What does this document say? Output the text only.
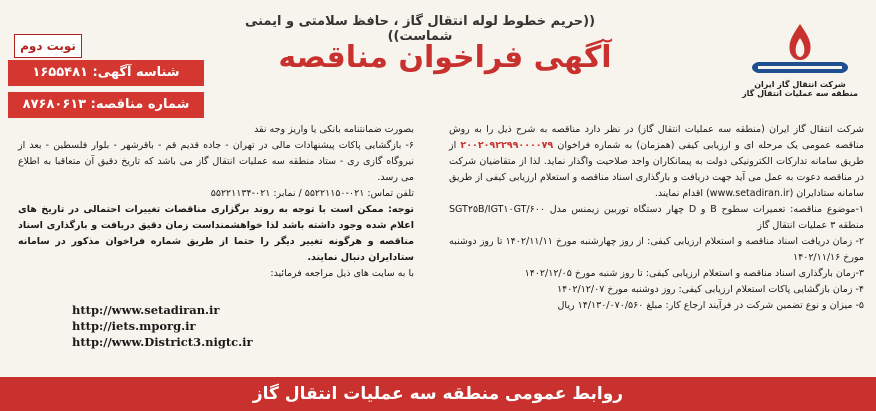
((حریم خطوط لوله انتقال گاز ، حافظ سلامتی و ایمنی شماست))
آگهی فراخوان مناقصه
نوبت دوم
شناسه آگهی: ۱۶۵۵۴۸۱
شماره مناقصه: ۸۷۶۸۰۶۱۳
شرکت انتقال گاز ایران
منطقه سه عملیات انتقال گاز

شرکت انتقال گاز ایران (منطقه سه عملیات انتقال گاز) در نظر دارد مناقصه به شرح ذیل را به روش مناقصه عمومی یک مرحله ای و ارزیابی کیفی (همزمان) به شماره فراخوان ۲۰۰۲۰۹۲۲۹۹۰۰۰۰۷۹ از طریق سامانه تدارکات الکترونیکی دولت به پیمانکاران واجد صلاحیت واگذار نماید. لذا از متقاضیان شرکت در مناقصه دعوت به عمل می آید جهت دریافت و بارگذاری اسناد مناقصه و استعلام ارزیابی کیفی از طریق سامانه ستادایران (www.setadiran.ir) اقدام نمایند.

۱-موضوع مناقصه: تعمیرات سطوح B و D چهار دستگاه توربین زیمنس مدل ۶۰۰/SGT۲۵B/IGT۱۰GT منطقه ۳ عملیات انتقال گاز

۲- زمان دریافت اسناد مناقصه و استعلام ارزیابی کیفی: از روز چهارشنبه مورخ ۱۴۰۲/۱۱/۱۱ تا روز دوشنبه مورخ ۱۴۰۲/۱۱/۱۶

۳-زمان بارگذاری اسناد مناقصه و استعلام ارزیابی کیفی: تا روز شنبه مورخ ۱۴۰۲/۱۲/۰۵

۴- زمان بازگشایی پاکات استعلام ارزیابی کیفی: روز دوشنبه مورخ ۱۴۰۲/۱۲/۰۷

۵- میزان و نوع تضمین شرکت در فرآیند ارجاع کار: مبلغ ۱۴/۱۳۰/۰۷۰/۵۶۰ ریال

بصورت ضمانتنامه بانکی یا واریز وجه نقد

۶- بازگشایی پاکات پیشنهادات مالی در تهران - جاده قدیم قم - باقرشهر - بلوار فلسطین - بعد از نیروگاه گازی ری - ستاد منطقه سه عملیات انتقال گاز می باشد که تاریخ دقیق آن متعاقبا به اطلاع می رسد.

تلفن تماس: ۰۲۱-۵۵۲۲۱۱۵۰ / نمابر: ۰۲۱-۵۵۲۲۱۱۳۴

توجه: ممکن است با توجه به روند برگزاری مناقصات تغییرات احتمالی در تاریخ های اعلام شده وجود داشته باشد لذا خواهشمنداست زمان دقیق دریافت و بارگذاری اسناد مناقصه و هرگونه تغییر دیگر را حتما از طریق شماره فراخوان مذکور در سامانه ستادایران دنبال نمایند.

با به سایت های ذیل مراجعه فرمائید:

http://www.setadiran.ir
http://iets.mporg.ir
http://www.District3.nigtc.ir
روابط عمومی منطقه سه عملیات انتقال گاز
